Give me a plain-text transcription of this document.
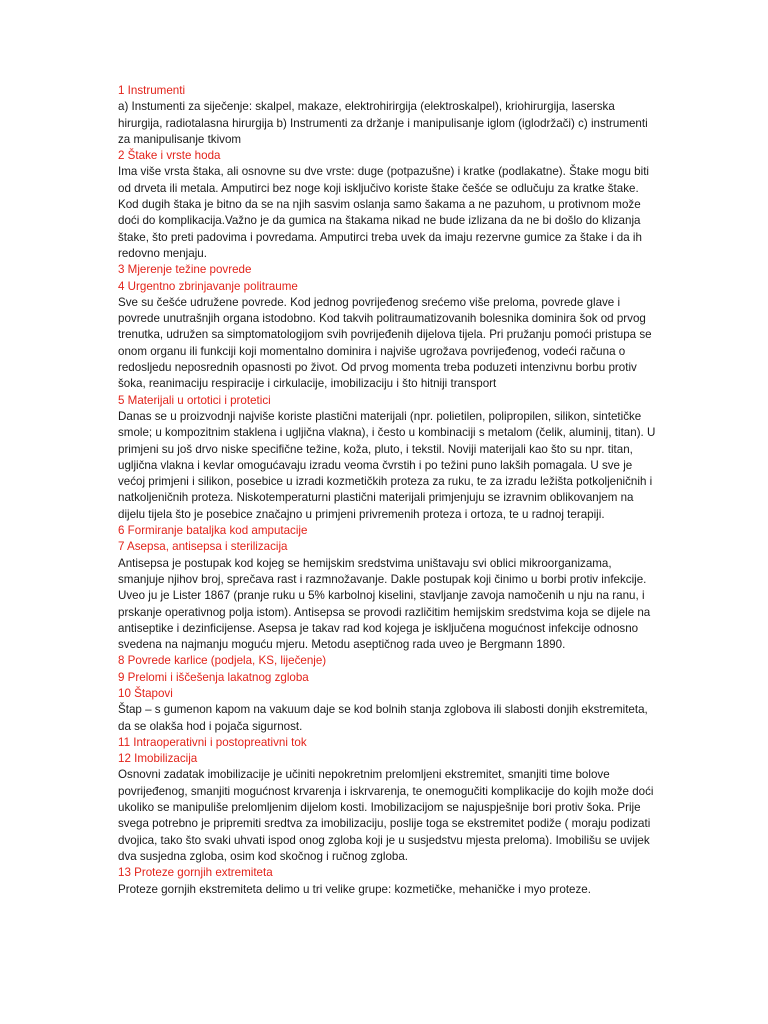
1 Instrumenti

a) Instumenti za siječenje: skalpel, makaze, elektrohirirgija (elektroskalpel), kriohirurgija, laserska hirurgija, radiotalasna hirurgija b) Instrumenti za držanje i manipulisanje iglom (iglodržači) c) instrumenti za manipulisanje tkivom

2 Štake i vrste hoda

Ima više vrsta štaka, ali osnovne su dve vrste: duge (potpazušne) i kratke (podlakatne). Štake mogu biti od drveta ili metala. Amputirci bez noge koji isključivo koriste štake češće se odlučuju za kratke štake. Kod dugih štaka je bitno da se na njih sasvim oslanja samo šakama a ne pazuhom, u protivnom može doći do komplikacija.Važno je da gumica na štakama nikad ne bude izlizana da ne bi došlo do klizanja štake, što preti padovima i povredama. Amputirci treba uvek da imaju rezervne gumice za štake i da ih redovno menjaju.

3 Mjerenje težine povrede

4 Urgentno zbrinjavanje politraume

Sve su češće udružene povrede. Kod jednog povrijeđenog srećemo više preloma, povrede glave i povrede unutrašnjih organa istodobno. Kod takvih politraumatizovanih bolesnika dominira šok od prvog trenutka, udružen sa simptomatologijom svih povrijeđenih dijelova tijela. Pri pružanju pomoći pristupa se onom organu ili funkciji koji momentalno dominira i najviše ugrožava povrijeđenog, vodeći računa o redosljedu neposrednih opasnosti po život. Od prvog momenta treba poduzeti intenzivnu borbu protiv šoka, reanimaciju respiracije i cirkulacije, imobilizaciju i što hitniji transport

5 Materijali u ortotici i protetici

Danas se u proizvodnji najviše koriste plastični materijali (npr. polietilen, polipropilen, silikon, sintetičke smole; u kompozitnim staklena i ugljična vlakna), i često u kombinaciji s metalom (čelik, aluminij, titan). U primjeni su još drvo niske specifične težine, koža, pluto, i tekstil. Noviji materijali kao što su npr. titan, ugljična vlakna i kevlar omogućavaju izradu veoma čvrstih i po težini puno lakših pomagala. U sve je većoj primjeni i silikon, posebice u izradi kozmetičkih proteza za ruku, te za izradu ležišta potkoljeničnih i natkoljeničnih proteza. Niskotemperaturni plastični materijali primjenjuju se izravnim oblikovanjem na dijelu tijela što je posebice značajno u primjeni privremenih proteza i ortoza, te u radnoj terapiji.

6 Formiranje bataljka kod amputacije

7 Asepsa, antisepsa i sterilizacija

Antisepsa je postupak kod kojeg se hemijskim sredstvima uništavaju svi oblici mikroorganizama, smanjuje njihov broj, sprečava rast i razmnožavanje. Dakle postupak koji činimo u borbi protiv infekcije. Uveo ju je Lister 1867 (pranje ruku u 5% karbolnoj kiselini, stavljanje zavoja namočenih u nju na ranu, i prskanje operativnog polja istom). Antisepsa se provodi različitim hemijskim sredstvima koja se dijele na antiseptike i dezinficijense. Asepsa je takav rad kod kojega je isključena mogućnost infekcije odnosno svedena na najmanju moguću mjeru. Metodu aseptičnog rada uveo je Bergmann 1890.

8 Povrede karlice (podjela, KS, liječenje)

9 Prelomi i iščešenja lakatnog zgloba

10 Štapovi

Štap – s gumenon kapom na vakuum daje se kod bolnih stanja zglobova ili slabosti donjih ekstremiteta, da se olakša hod i pojača sigurnost.

11 Intraoperativni i postopreativni tok

12 Imobilizacija

Osnovni zadatak imobilizacije je učiniti nepokretnim prelomljeni ekstremitet, smanjiti time bolove povrijeđenog, smanjiti mogućnost krvarenja i iskrvarenja, te onemogučiti komplikacije do kojih može doći ukoliko se manipuliše prelomljenim dijelom kosti. Imobilizacijom se najuspješnije bori protiv šoka. Prije svega potrebno je pripremiti sredtva za imobilizaciju, poslije toga se ekstremitet podiže ( moraju podizati dvojica, tako što svaki uhvati ispod onog zgloba koji je u susjedstvu mjesta preloma). Imobilišu se uvijek dva susjedna zgloba, osim kod skočnog i ručnog zgloba.

13 Proteze gornjih extremiteta

Proteze gornjih ekstremiteta delimo u tri velike grupe: kozmetičke, mehaničke i myo proteze.
